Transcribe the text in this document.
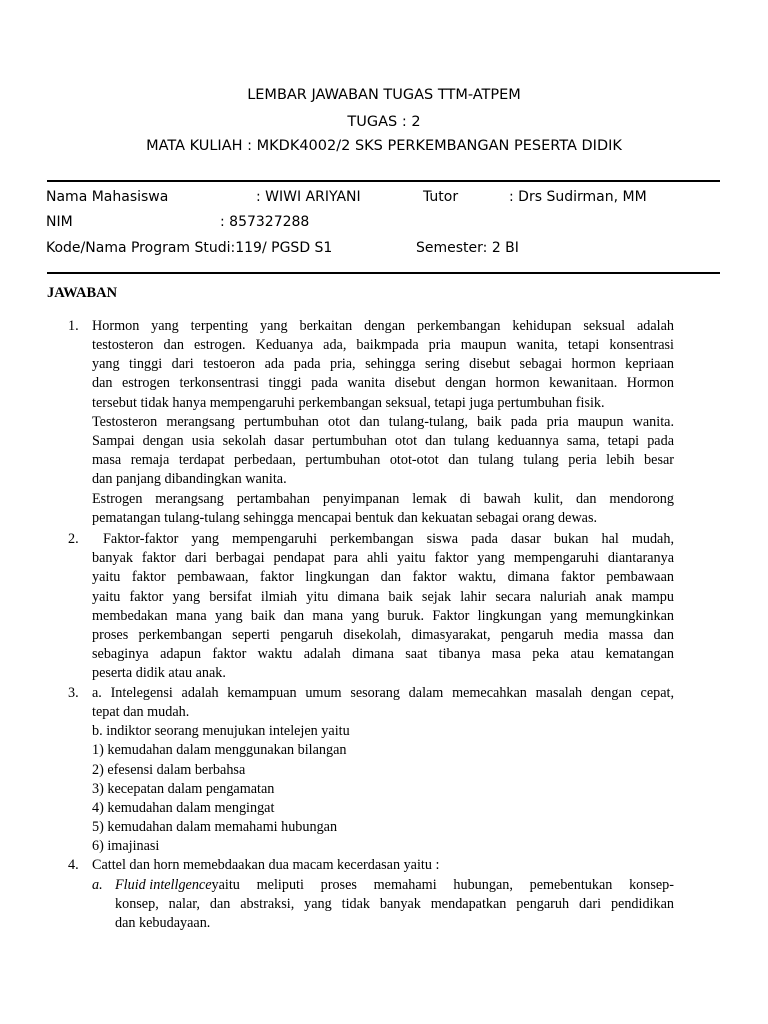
LEMBAR JAWABAN TUGAS TTM-ATPEM
TUGAS : 2
MATA KULIAH : MKDK4002/2 SKS PERKEMBANGAN PESERTA DIDIK
Nama Mahasiswa	: WIWI ARIYANI	Tutor	: Drs Sudirman, MM
NIM	: 857327288
Kode/Nama Program Studi:119/ PGSD S1	Semester: 2 BI
JAWABAN
1. Hormon yang terpenting yang berkaitan dengan perkembangan kehidupan seksual adalah
testosteron dan estrogen. Keduanya ada, baikmpada pria maupun wanita, tetapi konsentrasi
yang tinggi dari testoeron ada pada pria, sehingga sering disebut sebagai hormon kepriaan
dan estrogen terkonsentrasi tinggi pada wanita disebut dengan hormon kewanitaan. Hormon
tersebut tidak hanya mempengaruhi perkembangan seksual, tetapi juga pertumbuhan fisik.
Testosteron merangsang pertumbuhan otot dan tulang-tulang, baik pada pria maupun wanita.
Sampai dengan usia sekolah dasar pertumbuhan otot dan tulang keduannya sama, tetapi pada
masa remaja terdapat perbedaan, pertumbuhan otot-otot dan tulang tulang peria lebih besar
dan panjang dibandingkan wanita.
Estrogen merangsang pertambahan penyimpanan lemak di bawah kulit, dan mendorong
pematangan tulang-tulang sehingga mencapai bentuk dan kekuatan sebagai orang dewas.
2. Faktor-faktor yang mempengaruhi perkembangan siswa pada dasar bukan hal mudah,
banyak faktor dari berbagai pendapat para ahli yaitu faktor yang mempengaruhi diantaranya
yaitu faktor pembawaan, faktor lingkungan dan faktor waktu, dimana faktor pembawaan
yaitu faktor yang bersifat ilmiah yitu dimana baik sejak lahir secara naluriah anak mampu
membedakan mana yang baik dan mana yang buruk. Faktor lingkungan yang memungkinkan
proses perkembangan seperti pengaruh disekolah, dimasyarakat, pengaruh media massa dan
sebaginya adapun faktor waktu adalah dimana saat tibanya masa peka atau kematangan
peserta didik atau anak.
3. a. Intelegensi adalah kemampuan umum sesorang dalam memecahkan masalah dengan cepat,
tepat dan mudah.
b. indiktor seorang menujukan intelejen yaitu
1) kemudahan dalam menggunakan bilangan
2) efesensi dalam berbahsa
3) kecepatan dalam pengamatan
4) kemudahan dalam mengingat
5) kemudahan dalam memahami hubungan
6) imajinasi
4. Cattel dan horn memebdaakan dua macam kecerdasan yaitu :
a. Fluid intellgence yaitu meliputi proses memahami hubungan, pemebentukan konsep-
konsep, nalar, dan abstraksi, yang tidak banyak mendapatkan pengaruh dari pendidikan
dan kebudayaan.
